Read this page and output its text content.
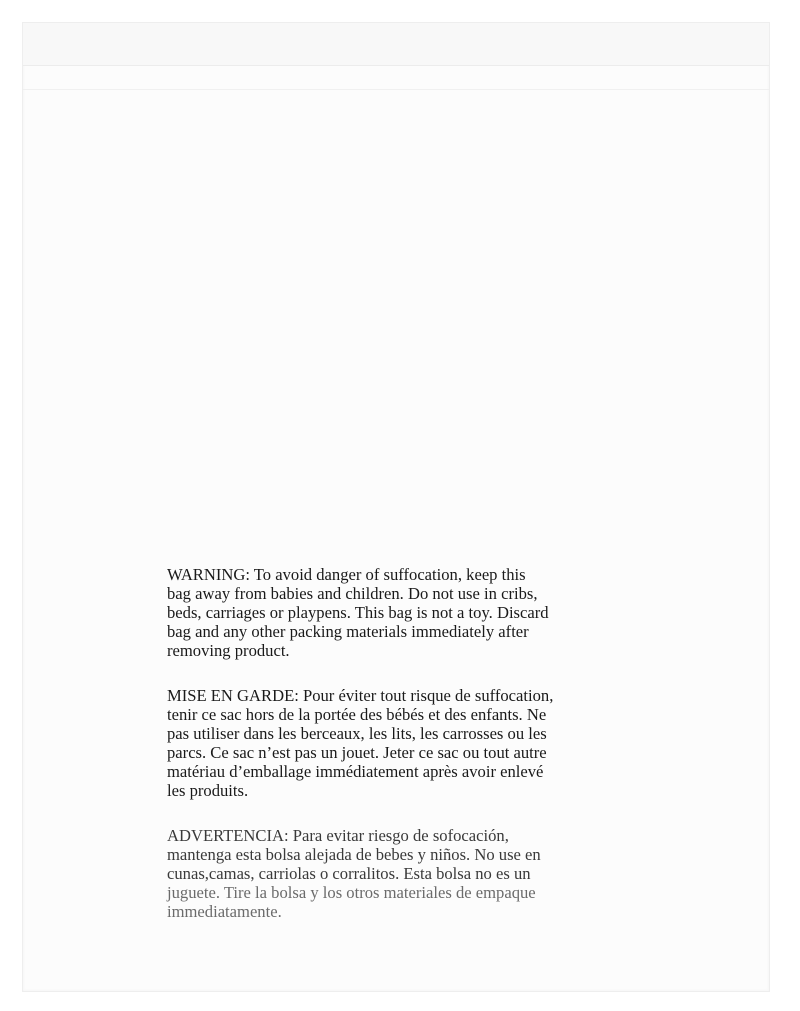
WARNING: To avoid danger of suffocation, keep this
bag away from babies and children. Do not use in cribs,
beds, carriages or playpens. This bag is not a toy. Discard
bag and any other packing materials immediately after
removing product.
MISE EN GARDE: Pour éviter tout risque de suffocation,
tenir ce sac hors de la portée des bébés et des enfants. Ne
pas utiliser dans les berceaux, les lits, les carrosses ou les
parcs. Ce sac n’est pas un jouet. Jeter ce sac ou tout autre
matériau d’emballage immédiatement après avoir enlevé
les produits.
ADVERTENCIA: Para evitar riesgo de sofocación,
mantenga esta bolsa alejada de bebes y niños. No use en
cunas,camas, carriolas o corralitos. Esta bolsa no es un
juguete. Tire la bolsa y los otros materiales de empaque
immediatamente.
